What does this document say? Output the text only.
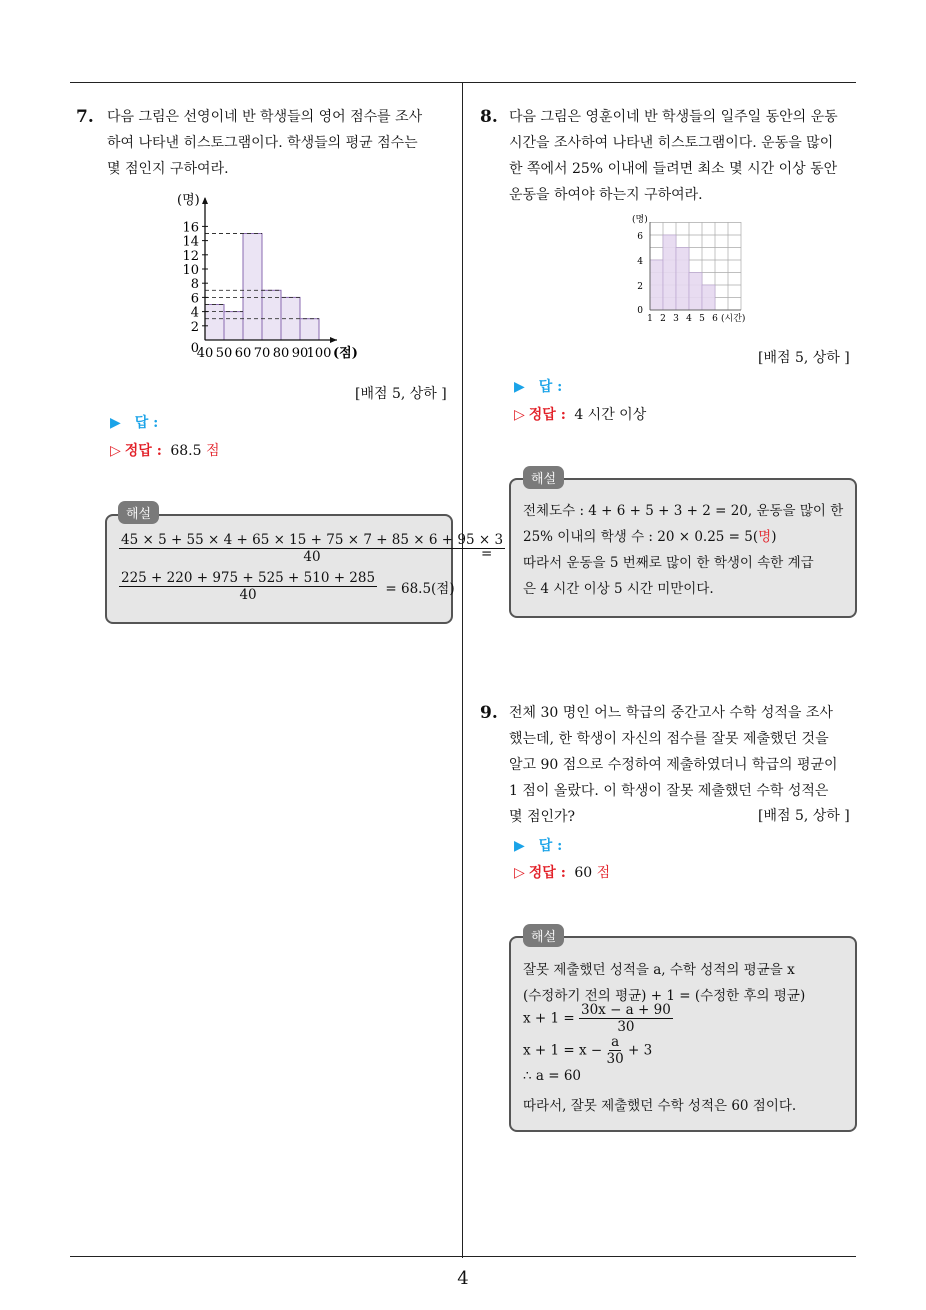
7. 다음 그림은 선영이네 반 학생들의 영어 점수를 조사
하여 나타낸 히스토그램이다. 학생들의 평균 점수는
몇 점인지 구하여라.
0
2
4
6
8
10
12
14
16
(명)
40 50 60 70 80 90
100 (점)
[배점 5, 상하 ]
▶ 답 :
▷ 정답 : 68.5 점
$\frac{45 \times 5 + 55 \times 4 + 65 \times 15 + 75 \times 7 + 85 \times 6 + 95 \times 3}{40}$
=
$\frac{225 + 220 + 975 + 525 + 510 + 285}{40} = 68.5$(점)
해설
8. 다음 그림은 영훈이네 반 학생들의 일주일 동안의 운동
시간을 조사하여 나타낸 히스토그램이다. 운동을 많이
한 쪽에서 25% 이내에 들려면 최소 몇 시간 이상 동안
운동을 하여야 하는지 구하여라.
0
2
4
6
(명)
1 2 3 4 5 6 (시간)
[배점 5, 상하 ]
▶ 답 :
▷ 정답 : 4 시간 이상
전체도수 : 4 + 6 + 5 + 3 + 2 = 20, 운동을 많이 한
25% 이내의 학생 수 : 20 × 0.25 = 5(명)
따라서 운동을 5 번째로 많이 한 학생이 속한 계급
은 4 시간 이상 5 시간 미만이다.
해설
9. 전체 30 명인 어느 학급의 중간고사 수학 성적을 조사
했는데, 한 학생이 자신의 점수를 잘못 제출했던 것을
알고 90 점으로 수정하여 제출하였더니 학급의 평균이
1 점이 올랐다. 이 학생이 잘못 제출했던 수학 성적은
몇 점인가?	[배점 5, 상하 ]
▶ 답 :
▷ 정답 : 60 점
잘못 제출했던 성적을 a, 수학 성적의 평균을 x
(수정하기 전의 평균) + 1 = (수정한 후의 평균)
$x + 1 = \frac{30x - a + 90}{30}$
$x + 1 = x - \frac{a}{30} + 3$
∴ a = 60
따라서, 잘못 제출했던 수학 성적은 60 점이다.
해설
4
